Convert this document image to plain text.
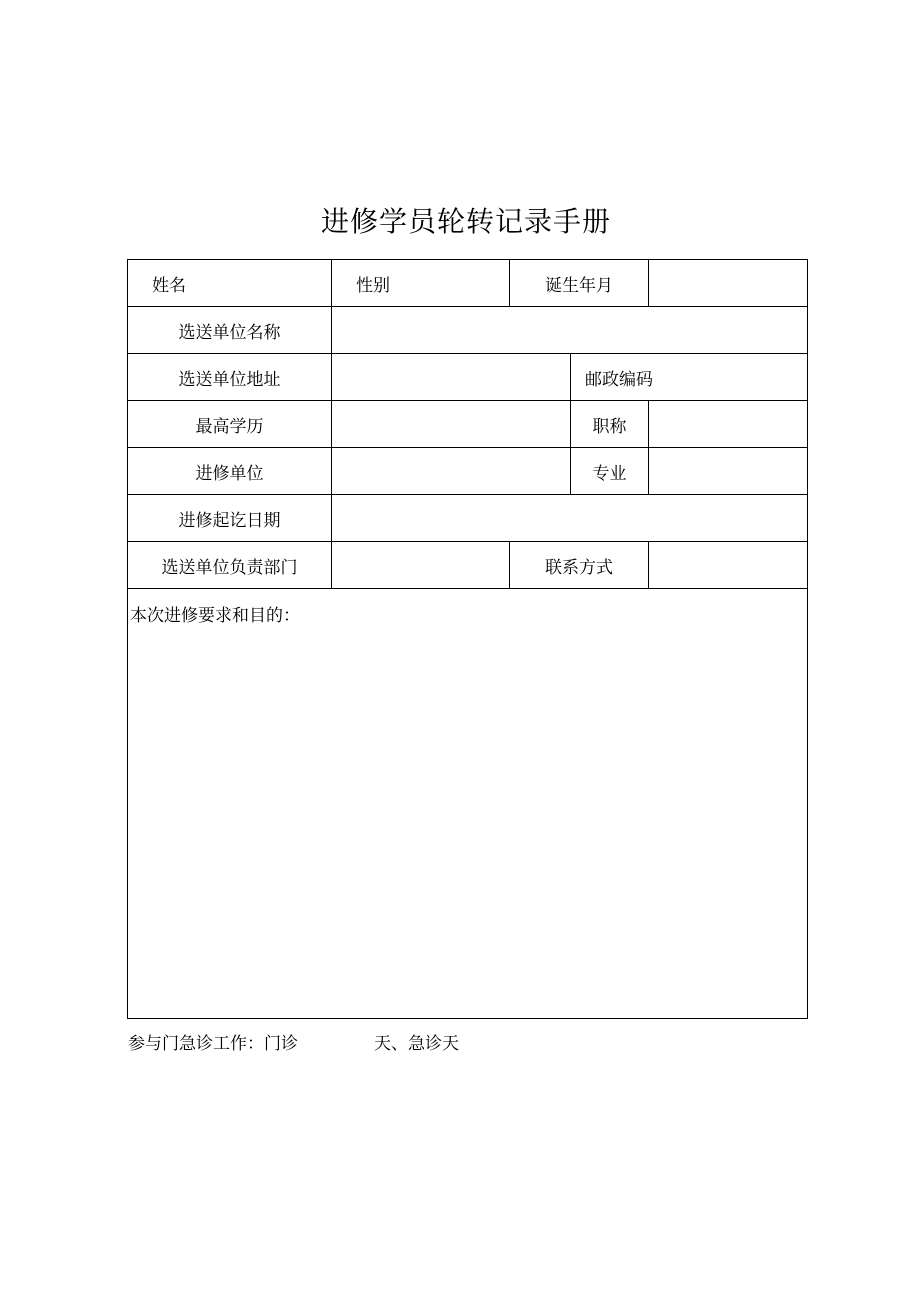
进修学员轮转记录手册
姓名	性别	诞生年月		
选送单位名称				
选送单位地址			邮政编码	
最高学历			职称	
进修单位			专业	
进修起讫日期				
选送单位负责部门		联系方式		
本次进修要求和目的：				
参与门急诊工作：门诊	天、急诊天
